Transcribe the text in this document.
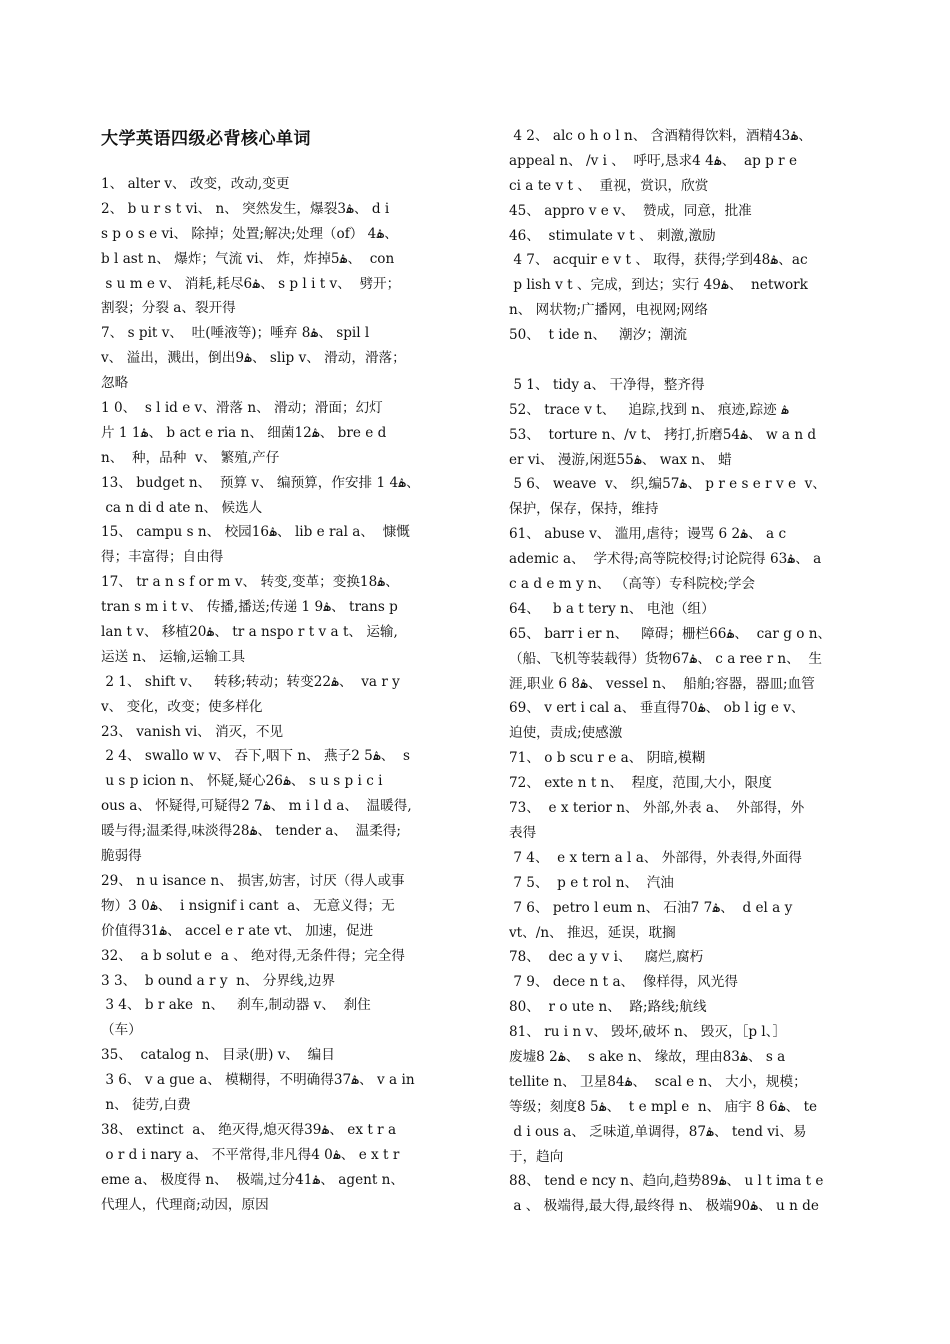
大学英语四级必背核心单词
1、 alter v、 改变，改动,变更
2、 b u r s t vi、 n、 突然发生，爆裂3ۿ、 d i
s p o s e vi、 除掉；处置;解决;处理（of） 4ۿ、
b l ast n、 爆炸；气流 vi、 炸，炸掉5ۿ、  con
s u m e v、 消耗,耗尽6ۿ、 s p l i t v、  劈开；
割裂；分裂 a、裂开得
7、 s pit v、  吐(唾液等)；唾弃 8ۿ、 spil l
v、 溢出，溅出，倒出9ۿ、 slip v、 滑动，滑落；
忽略
1 0、  s l id e v、滑落 n、 滑动；滑面；幻灯
片 1 1ۿ、 b act e ria n、 细菌12ۿ、 bre e d
n、  种，品种  v、 繁殖,产仔
13、 budget n、  预算 v、 编预算，作安排 1 4ۿ、
ca n di d ate n、 候选人
15、 campu s n、 校园16ۿ、 lib e ral a、  慷慨
得；丰富得；自由得
17、 tr a n s f or m v、 转变,变革；变换18ۿ、
tran s m i t v、 传播,播送;传递 1 9ۿ、 trans p
lan t v、 移植20ۿ、 tr a nspo r t v a t、 运输,
运送 n、 运输,运输工具
2 1、 shift v、   转移;转动；转变22ۿ、  va r y
v、 变化，改变；使多样化
23、 vanish vi、 消灭，不见
2 4、 swallo w v、 吞下,咽下 n、 燕子2 5ۿ、  s
u s p icion n、 怀疑,疑心26ۿ、 s u s p i c i
ous a、 怀疑得,可疑得2 7ۿ、 m i l d a、  温暖得,
暖与得;温柔得,味淡得28ۿ、 tender a、  温柔得;
脆弱得
29、 n u isance n、 损害,妨害，讨厌（得人或事
物）3 0ۿ、  i nsignif i cant  a、 无意义得；无
价值得31ۿ、 accel e r ate vt、 加速，促进
32、  a b solut e  a 、 绝对得,无条件得；完全得
3 3、  b ound a r y  n、 分界线,边界
3 4、 b r ake  n、   刹车,制动器 v、  刹住
（车）
35、  catalog n、 目录(册) v、  编目
3 6、 v a gue a、 模糊得，不明确得37ۿ、 v a in
n、 徒劳,白费
38、 extinct  a、 绝灭得,熄灭得39ۿ、 ex t r a
o r d i nary a、 不平常得,非凡得4 0ۿ、 e x t r
eme a、 极度得 n、  极端,过分41ۿ、 agent n、
代理人，代理商;动因，原因
4 2、 alc o h o l n、 含酒精得饮料，酒精43ۿ、
appeal n、 /v i 、  呼吁,恳求4 4ۿ、  ap p r e
ci a te v t 、  重视，赏识，欣赏
45、 appro v e v、  赞成，同意，批准
46、  stimulate v t 、 刺激,激励
4 7、 acquir e v t 、 取得，获得;学到48ۿ、ac
p lish v t 、完成，到达；实行 49ۿ、  network
n、 网状物;广播网，电视网;网络
50、  t ide n、   潮汐；潮流

5 1、 tidy a、 干净得，整齐得
52、 trace v t、   追踪,找到 n、 痕迹,踪迹 ۿ
53、  torture n、/v t、 拷打,折磨54ۿ、 w a n d
er vi、 漫游,闲逛55ۿ、 wax n、 蜡
5 6、 weave  v、 织,编57ۿ、 p r e s e r v e  v、
保护，保存，保持，维持
61、 abuse v、 滥用,虐待；谩骂 6 2ۿ、 a c
ademic a、  学术得;高等院校得;讨论院得 63ۿ、 a
c a d e m y n、 （高等）专科院校;学会
64、   b a t tery n、 电池（组）
65、 barr i er n、   障碍；栅栏66ۿ、  car g o n、
（船、飞机等装载得）货物67ۿ、 c a ree r n、  生
涯,职业 6 8ۿ、 vessel n、  船舶;容器，器皿;血管
69、 v ert i cal a、 垂直得70ۿ、 ob l ig e v、
迫使，责成;使感激
71、 o b scu r e a、 阴暗,模糊
72、 exte n t n、  程度，范围,大小，限度
73、  e x terior n、 外部,外表 a、  外部得，外
表得
7 4、  e x tern a l a、 外部得，外表得,外面得
7 5、  p e t rol n、  汽油
7 6、 petro l eum n、 石油7 7ۿ、  d el a y
vt、/n、 推迟，延误，耽搁
78、  dec a y v i、   腐烂,腐朽
7 9、 dece n t a、  像样得，风光得
80、  r o ute n、  路;路线;航线
81、 ru i n v、 毁坏,破坏 n、 毁灭，［p l、］
废墟8 2ۿ、  s ake n、 缘故，理由83ۿ、 s a
tellite n、 卫星84ۿ、  scal e n、 大小，规模；
等级；刻度8 5ۿ、  t e mpl e  n、 庙宇 8 6ۿ、 te
d i ous a、 乏味道,单调得，87ۿ、 tend vi、易
于，趋向
88、 tend e ncy n、趋向,趋势89ۿ、 u l t ima t e
a 、 极端得,最大得,最终得 n、 极端90ۿ、 u n de
